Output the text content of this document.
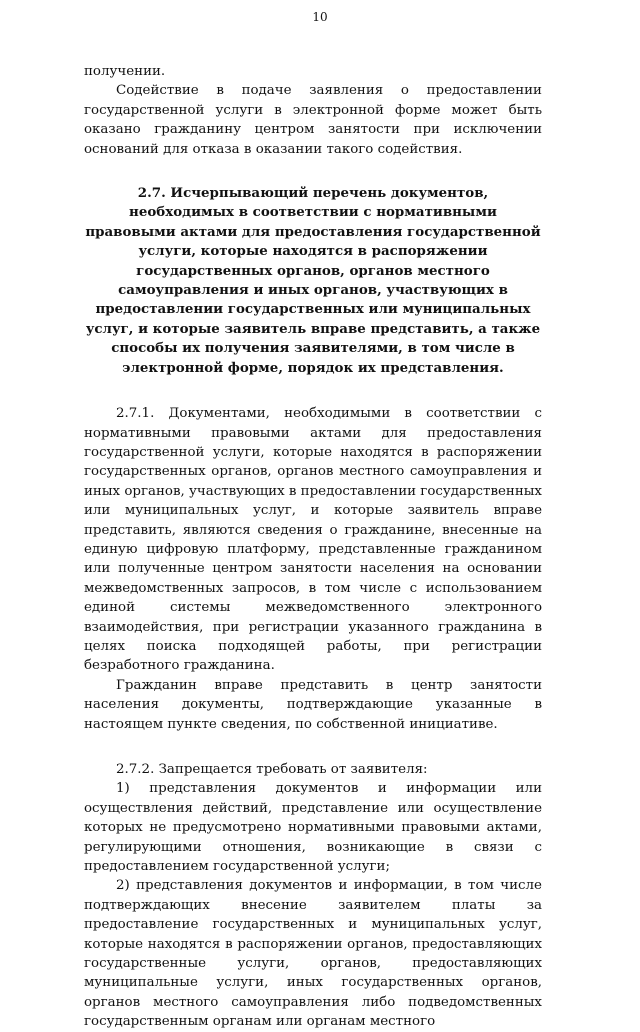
10

получении.

Содействие в подаче заявления о предоставлении государственной услуги в электронной форме может быть оказано гражданину центром занятости при исключении оснований для отказа в оказании такого содействия.

2.7. Исчерпывающий перечень документов, необходимых в соответствии с нормативными правовыми актами для предоставления государственной услуги, которые находятся в распоряжении государственных органов, органов местного самоуправления и иных органов, участвующих в предоставлении государственных или муниципальных услуг, и которые заявитель вправе представить, а также способы их получения заявителями, в том числе в электронной форме, порядок их представления.

2.7.1. Документами, необходимыми в соответствии с нормативными правовыми актами для предоставления государственной услуги, которые находятся в распоряжении государственных органов, органов местного самоуправления и иных органов, участвующих в предоставлении государственных или муниципальных услуг, и которые заявитель вправе представить, являются сведения о гражданине, внесенные на единую цифровую платформу, представленные гражданином или полученные центром занятости населения на основании межведомственных запросов, в том числе с использованием единой системы межведомственного электронного взаимодействия, при регистрации указанного гражданина в целях поиска подходящей работы, при регистрации безработного гражданина.

Гражданин вправе представить в центр занятости населения документы, подтверждающие указанные в настоящем пункте сведения, по собственной инициативе.

2.7.2. Запрещается требовать от заявителя:

1) представления документов и информации или осуществления действий, представление или осуществление которых не предусмотрено нормативными правовыми актами, регулирующими отношения, возникающие в связи с предоставлением государственной услуги;

2) представления документов и информации, в том числе подтверждающих внесение заявителем платы за предоставление государственных и муниципальных услуг, которые находятся в распоряжении органов, предоставляющих государственные услуги, органов, предоставляющих муниципальные услуги, иных государственных органов, органов местного самоуправления либо подведомственных государственным органам или органам местного
